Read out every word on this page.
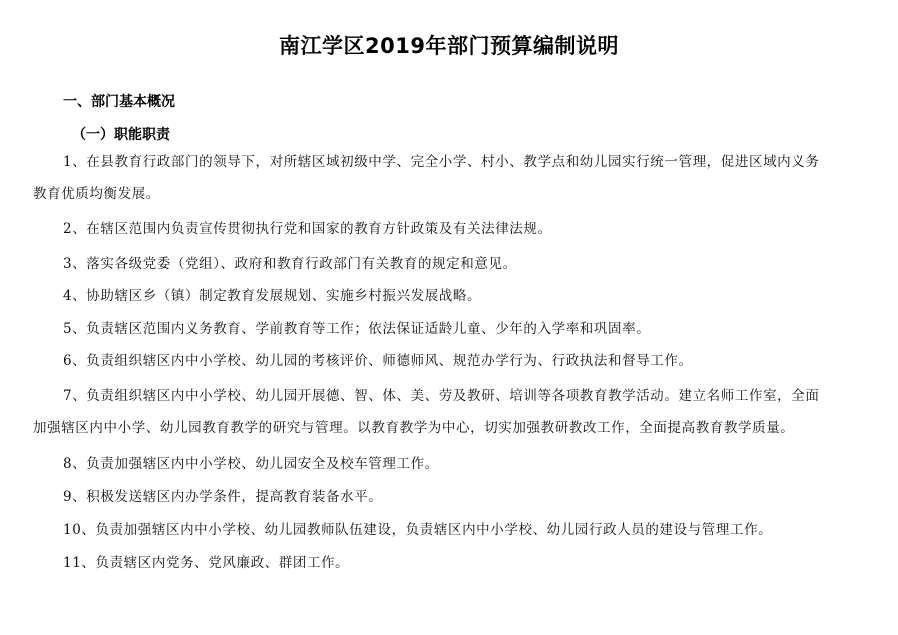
南江学区2019年部门预算编制说明
一、部门基本概况
（一）职能职责
1、在县教育行政部门的领导下，对所辖区域初级中学、完全小学、村小、教学点和幼儿园实行统一管理，促进区域内义务
教育优质均衡发展。
2、在辖区范围内负责宣传贯彻执行党和国家的教育方针政策及有关法律法规。
3、落实各级党委（党组）、政府和教育行政部门有关教育的规定和意见。
4、协助辖区乡（镇）制定教育发展规划、实施乡村振兴发展战略。
5、负责辖区范围内义务教育、学前教育等工作；依法保证适龄儿童、少年的入学率和巩固率。
6、负责组织辖区内中小学校、幼儿园的考核评价、师德师风、规范办学行为、行政执法和督导工作。
7、负责组织辖区内中小学校、幼儿园开展德、智、体、美、劳及教研、培训等各项教育教学活动。建立名师工作室，全面
加强辖区内中小学、幼儿园教育教学的研究与管理。以教育教学为中心，切实加强教研教改工作，全面提高教育教学质量。
8、负责加强辖区内中小学校、幼儿园安全及校车管理工作。
9、积极发送辖区内办学条件，提高教育装备水平。
10、负责加强辖区内中小学校、幼儿园教师队伍建设，负责辖区内中小学校、幼儿园行政人员的建设与管理工作。
11、负责辖区内党务、党风廉政、群团工作。
